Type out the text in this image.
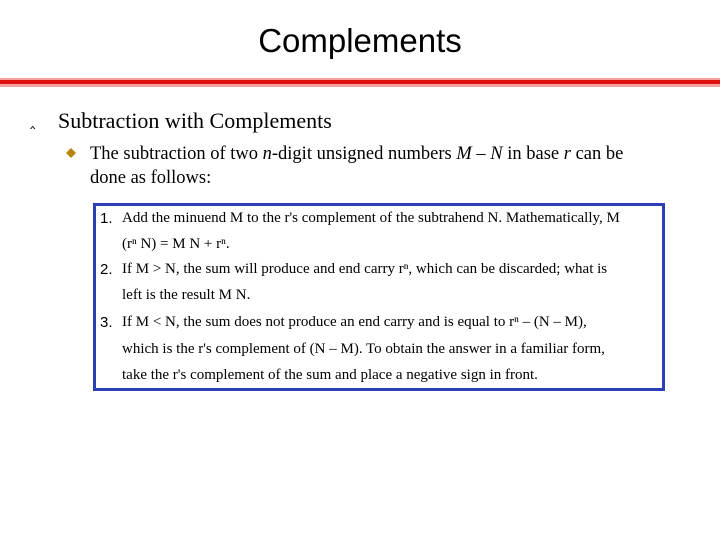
Complements
‸ Subtraction with Complements
The subtraction of two n-digit unsigned numbers M – N in base r can be
done as follows:
1. Add the minuend M to the r's complement of the subtrahend N. Mathematically, M
(rⁿ N) = M N + rⁿ.
2. If M > N, the sum will produce and end carry rⁿ, which can be discarded; what is
left is the result M N.
3. If M < N, the sum does not produce an end carry and is equal to rⁿ – (N – M),
which is the r's complement of (N – M). To obtain the answer in a familiar form,
take the r's complement of the sum and place a negative sign in front.
